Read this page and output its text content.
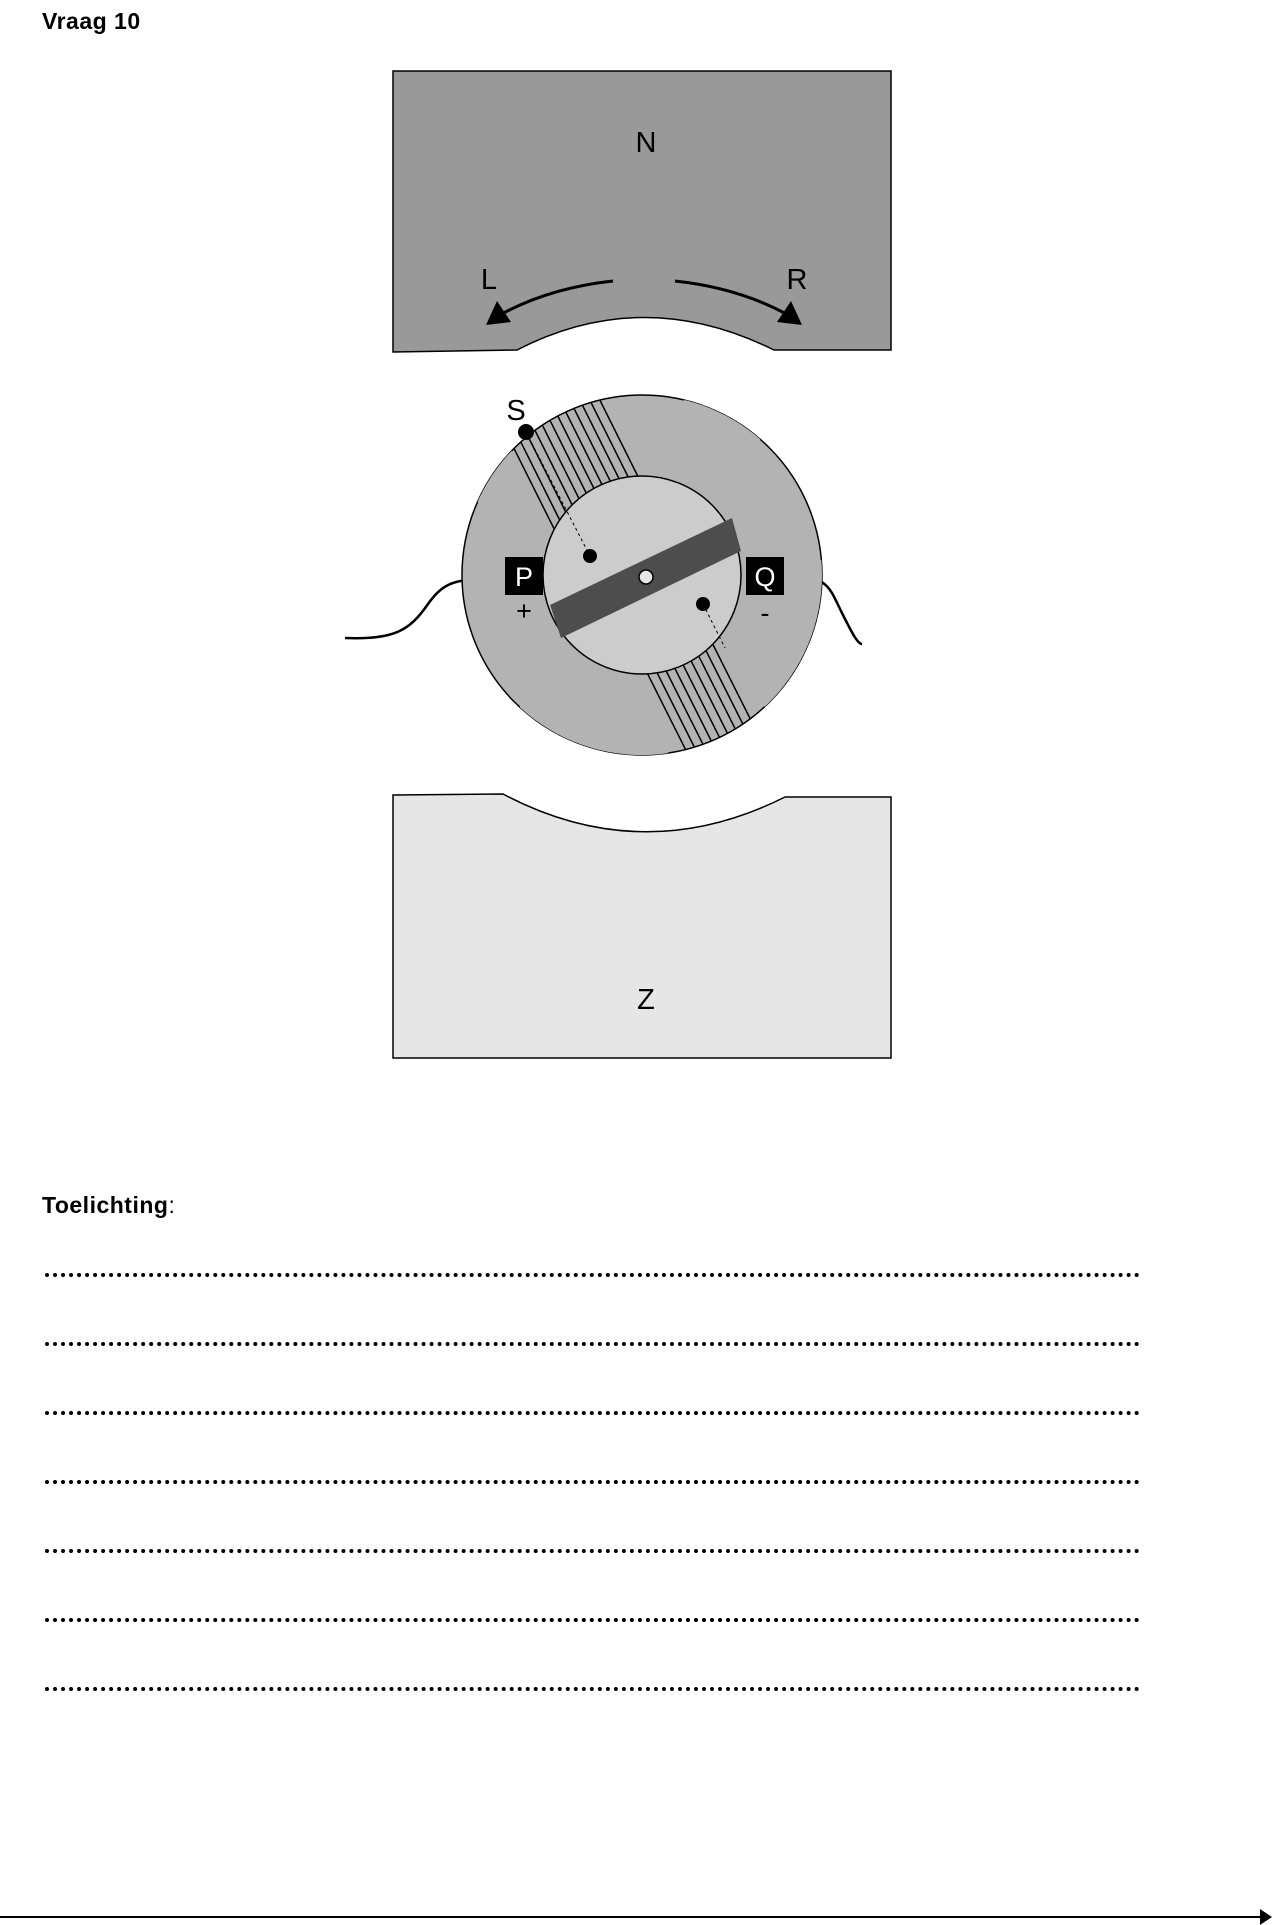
Vraag 10
N
L	R
S
P
+
Q
-
Z
Toelichting:
